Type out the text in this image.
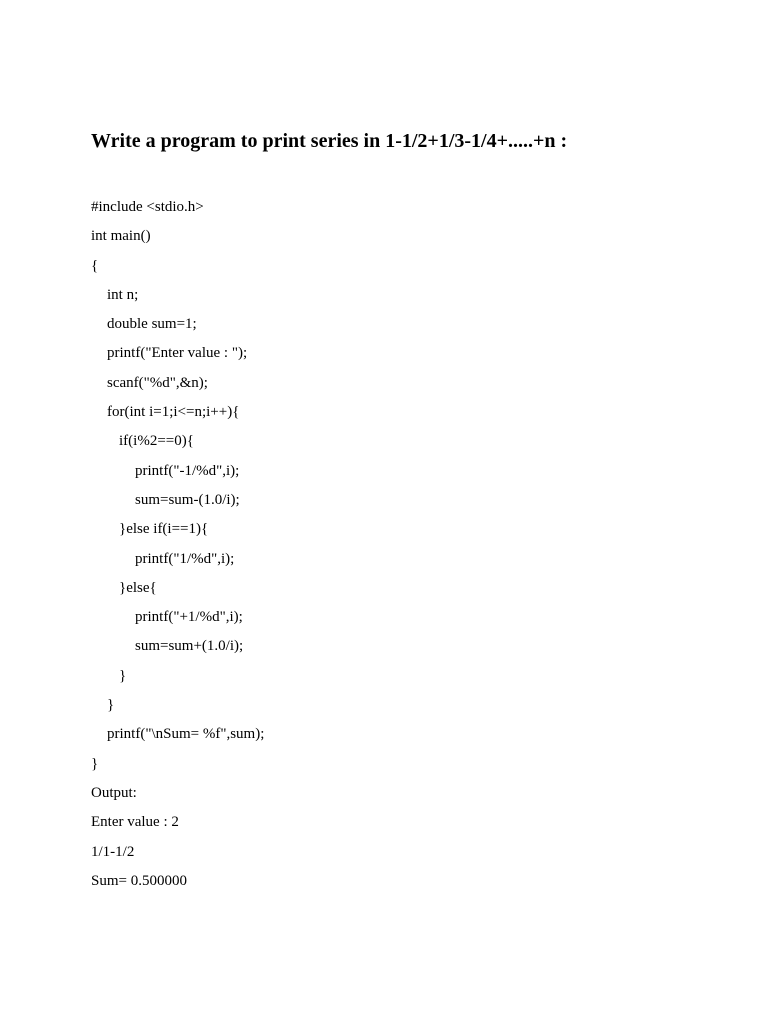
Write a program to print series in 1-1/2+1/3-1/4+.....+n :
#include <stdio.h>
int main()
{
int n;
double sum=1;
printf("Enter value : ");
scanf("%d",&n);
for(int i=1;i<=n;i++){
if(i%2==0){
printf("-1/%d",i);
sum=sum-(1.0/i);
}else if(i==1){
printf("1/%d",i);
}else{
printf("+1/%d",i);
sum=sum+(1.0/i);
}
}
printf("\nSum= %f",sum);
}
Output:
Enter value : 2
1/1-1/2
Sum= 0.500000
